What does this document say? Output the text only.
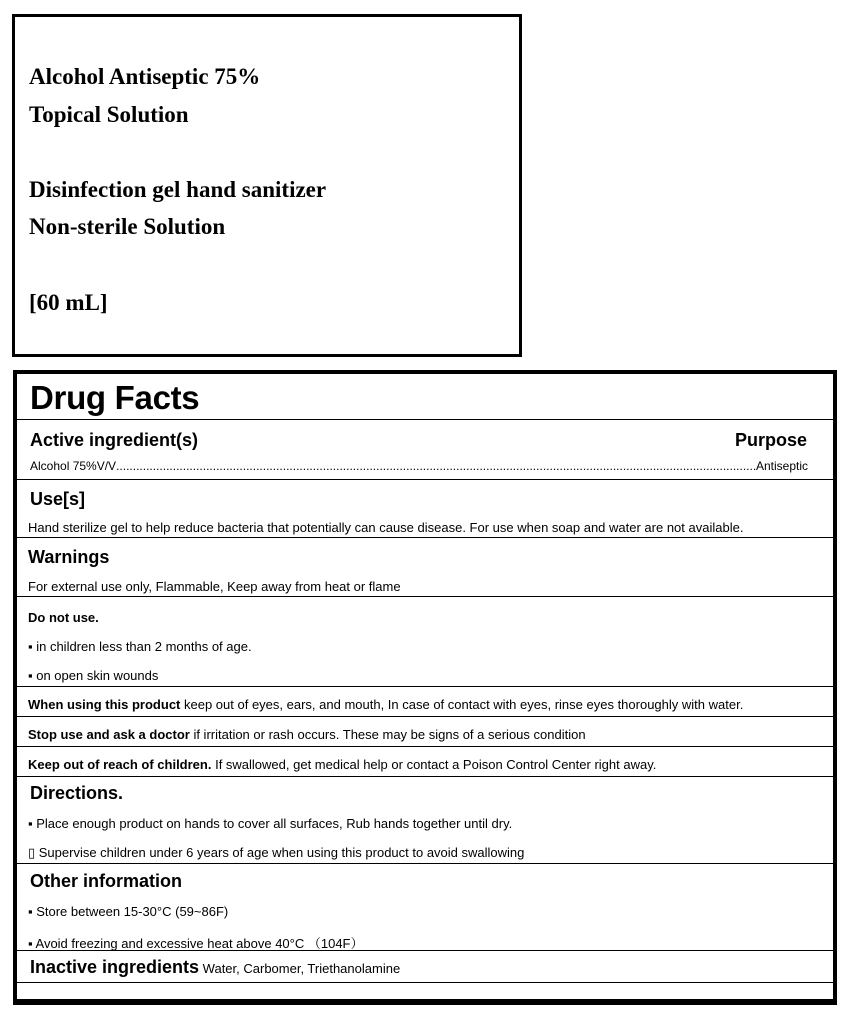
Alcohol Antiseptic 75%
Topical Solution
Disinfection gel hand sanitizer
Non-sterile Solution
[60 mL]
Drug Facts
Active ingredient(s)	Purpose
Alcohol 75%V/V .....	Antiseptic
Use[s]
Hand sterilize gel to help reduce bacteria that potentially can cause disease. For use when soap and water are not available.
Warnings
For external use only, Flammable, Keep away from heat or flame
Do not use.
▪ in children less than 2 months of age.
▪ on open skin wounds
When using this product keep out of eyes, ears, and mouth, In case of contact with eyes, rinse eyes thoroughly with water.
Stop use and ask a doctor if irritation or rash occurs. These may be signs of a serious condition
Keep out of reach of children. If swallowed, get medical help or contact a Poison Control Center right away.
Directions.
▪ Place enough product on hands to cover all surfaces, Rub hands together until dry.
▯ Supervise children under 6 years of age when using this product to avoid swallowing
Other information
▪ Store between 15-30°C (59~86F)
▪ Avoid freezing and excessive heat above 40°C （104F）
Inactive ingredients Water, Carbomer, Triethanolamine
